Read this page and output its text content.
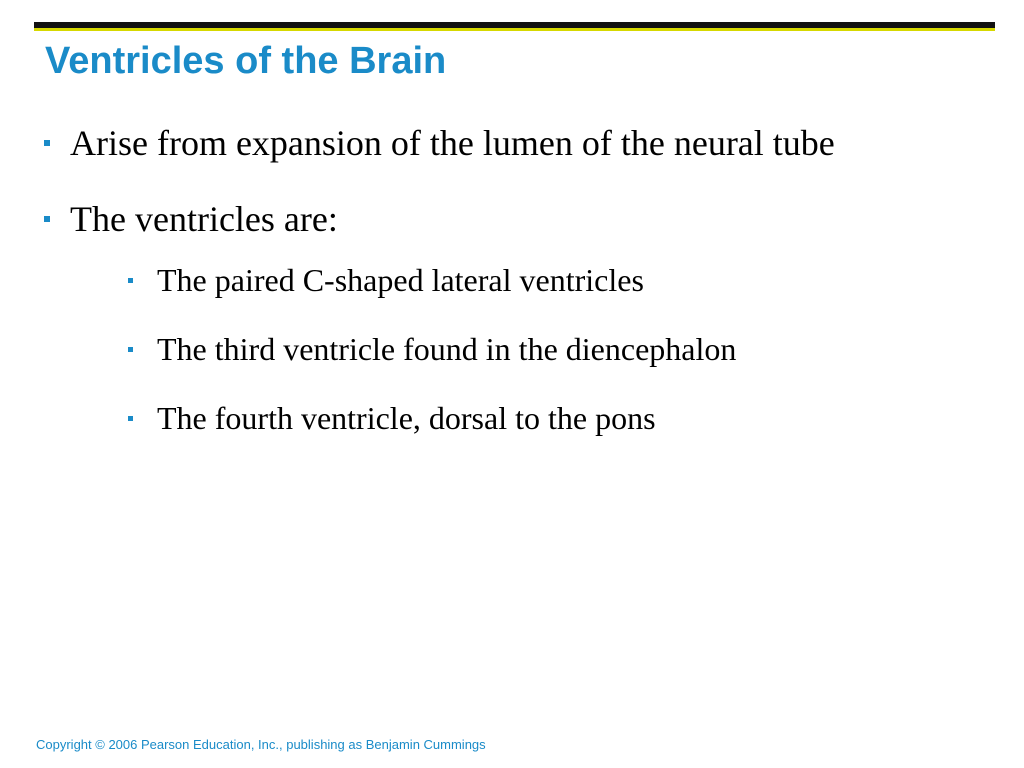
Ventricles of the Brain
Arise from expansion of the lumen of the neural tube
The ventricles are:
The paired C-shaped lateral ventricles
The third ventricle found in the diencephalon
The fourth ventricle, dorsal to the pons
Copyright © 2006 Pearson Education, Inc., publishing as Benjamin Cummings
